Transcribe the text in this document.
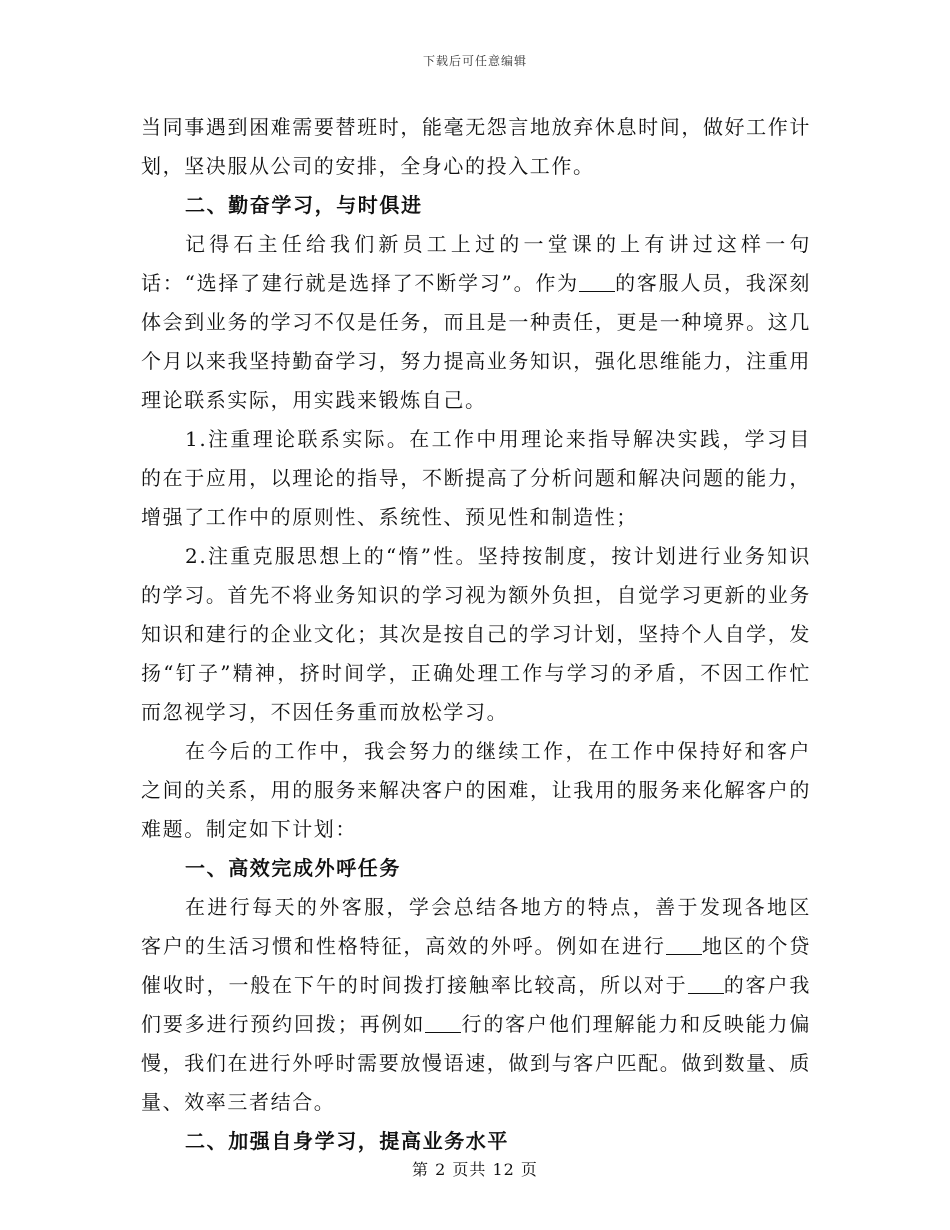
下载后可任意编辑

当同事遇到困难需要替班时，能毫无怨言地放弃休息时间，做好工作计划，坚决服从公司的安排，全身心的投入工作。

二、勤奋学习，与时俱进

记得石主任给我们新员工上过的一堂课的上有讲过这样一句话：“选择了建行就是选择了不断学习”。作为 的客服人员，我深刻体会到业务的学习不仅是任务，而且是一种责任，更是一种境界。这几个月以来我坚持勤奋学习，努力提高业务知识，强化思维能力，注重用理论联系实际，用实践来锻炼自己。

1.注重理论联系实际。在工作中用理论来指导解决实践，学习目的在于应用，以理论的指导，不断提高了分析问题和解决问题的能力，增强了工作中的原则性、系统性、预见性和制造性；

2.注重克服思想上的“惰”性。坚持按制度，按计划进行业务知识的学习。首先不将业务知识的学习视为额外负担，自觉学习更新的业务知识和建行的企业文化；其次是按自己的学习计划，坚持个人自学，发扬“钉子”精神，挤时间学，正确处理工作与学习的矛盾，不因工作忙而忽视学习，不因任务重而放松学习。

在今后的工作中，我会努力的继续工作，在工作中保持好和客户之间的关系，用的服务来解决客户的困难，让我用的服务来化解客户的难题。制定如下计划：

一、高效完成外呼任务

在进行每天的外客服，学会总结各地方的特点，善于发现各地区客户的生活习惯和性格特征，高效的外呼。例如在进行 地区的个贷催收时，一般在下午的时间拨打接触率比较高，所以对于 的客户我们要多进行预约回拨；再例如 行的客户他们理解能力和反映能力偏慢，我们在进行外呼时需要放慢语速，做到与客户匹配。做到数量、质量、效率三者结合。

二、加强自身学习，提高业务水平

第 2 页共 12 页
